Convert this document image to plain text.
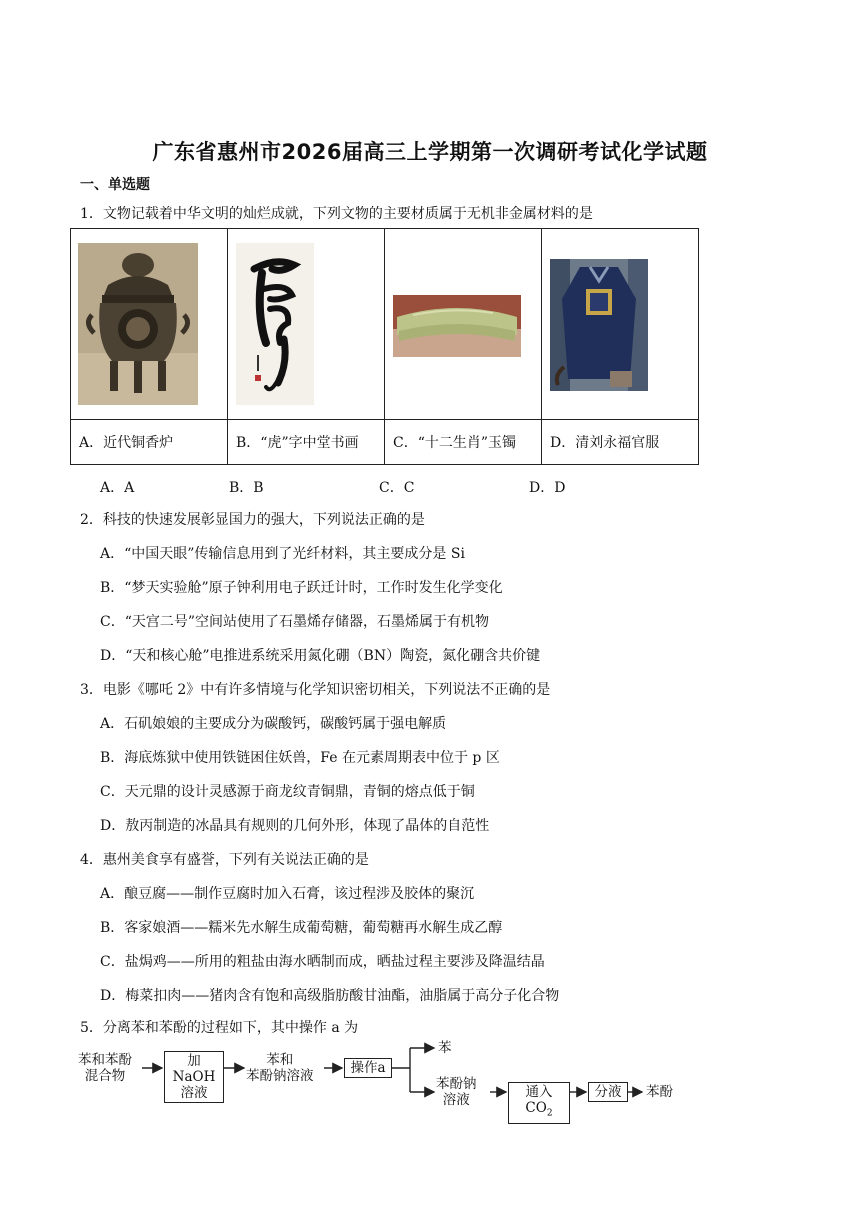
广东省惠州市2026届高三上学期第一次调研考试化学试题
一、单选题
1．文物记载着中华文明的灿烂成就，下列文物的主要材质属于无机非金属材料的是

A．近代铜香炉	B．“虎”字中堂书画	C．“十二生肖”玉镯	D．清刘永福官服
A．A	B．B	C．C	D．D
2．科技的快速发展彰显国力的强大，下列说法正确的是
A．“中国天眼”传输信息用到了光纤材料，其主要成分是 Si
B．“梦天实验舱”原子钟利用电子跃迁计时，工作时发生化学变化
C．“天宫二号”空间站使用了石墨烯存储器，石墨烯属于有机物
D．“天和核心舱”电推进系统采用氮化硼（BN）陶瓷，氮化硼含共价键
3．电影《哪吒 2》中有许多情境与化学知识密切相关，下列说法不正确的是
A．石矶娘娘的主要成分为碳酸钙，碳酸钙属于强电解质
B．海底炼狱中使用铁链困住妖兽，Fe 在元素周期表中位于 p 区
C．天元鼎的设计灵感源于商龙纹青铜鼎，青铜的熔点低于铜
D．敖丙制造的冰晶具有规则的几何外形，体现了晶体的自范性
4．惠州美食享有盛誉，下列有关说法正确的是
A．酿豆腐——制作豆腐时加入石膏，该过程涉及胶体的聚沉
B．客家娘酒——糯米先水解生成葡萄糖，葡萄糖再水解生成乙醇
C．盐焗鸡——所用的粗盐由海水晒制而成，晒盐过程主要涉及降温结晶
D．梅菜扣肉——猪肉含有饱和高级脂肪酸甘油酯，油脂属于高分子化合物
5．分离苯和苯酚的过程如下，其中操作 a 为
苯和苯酚
混合物
加NaOH
溶液
苯和
苯酚钠溶液	操作a
苯
苯酚钠
溶液	通入$CO_2$
分液	苯酚
